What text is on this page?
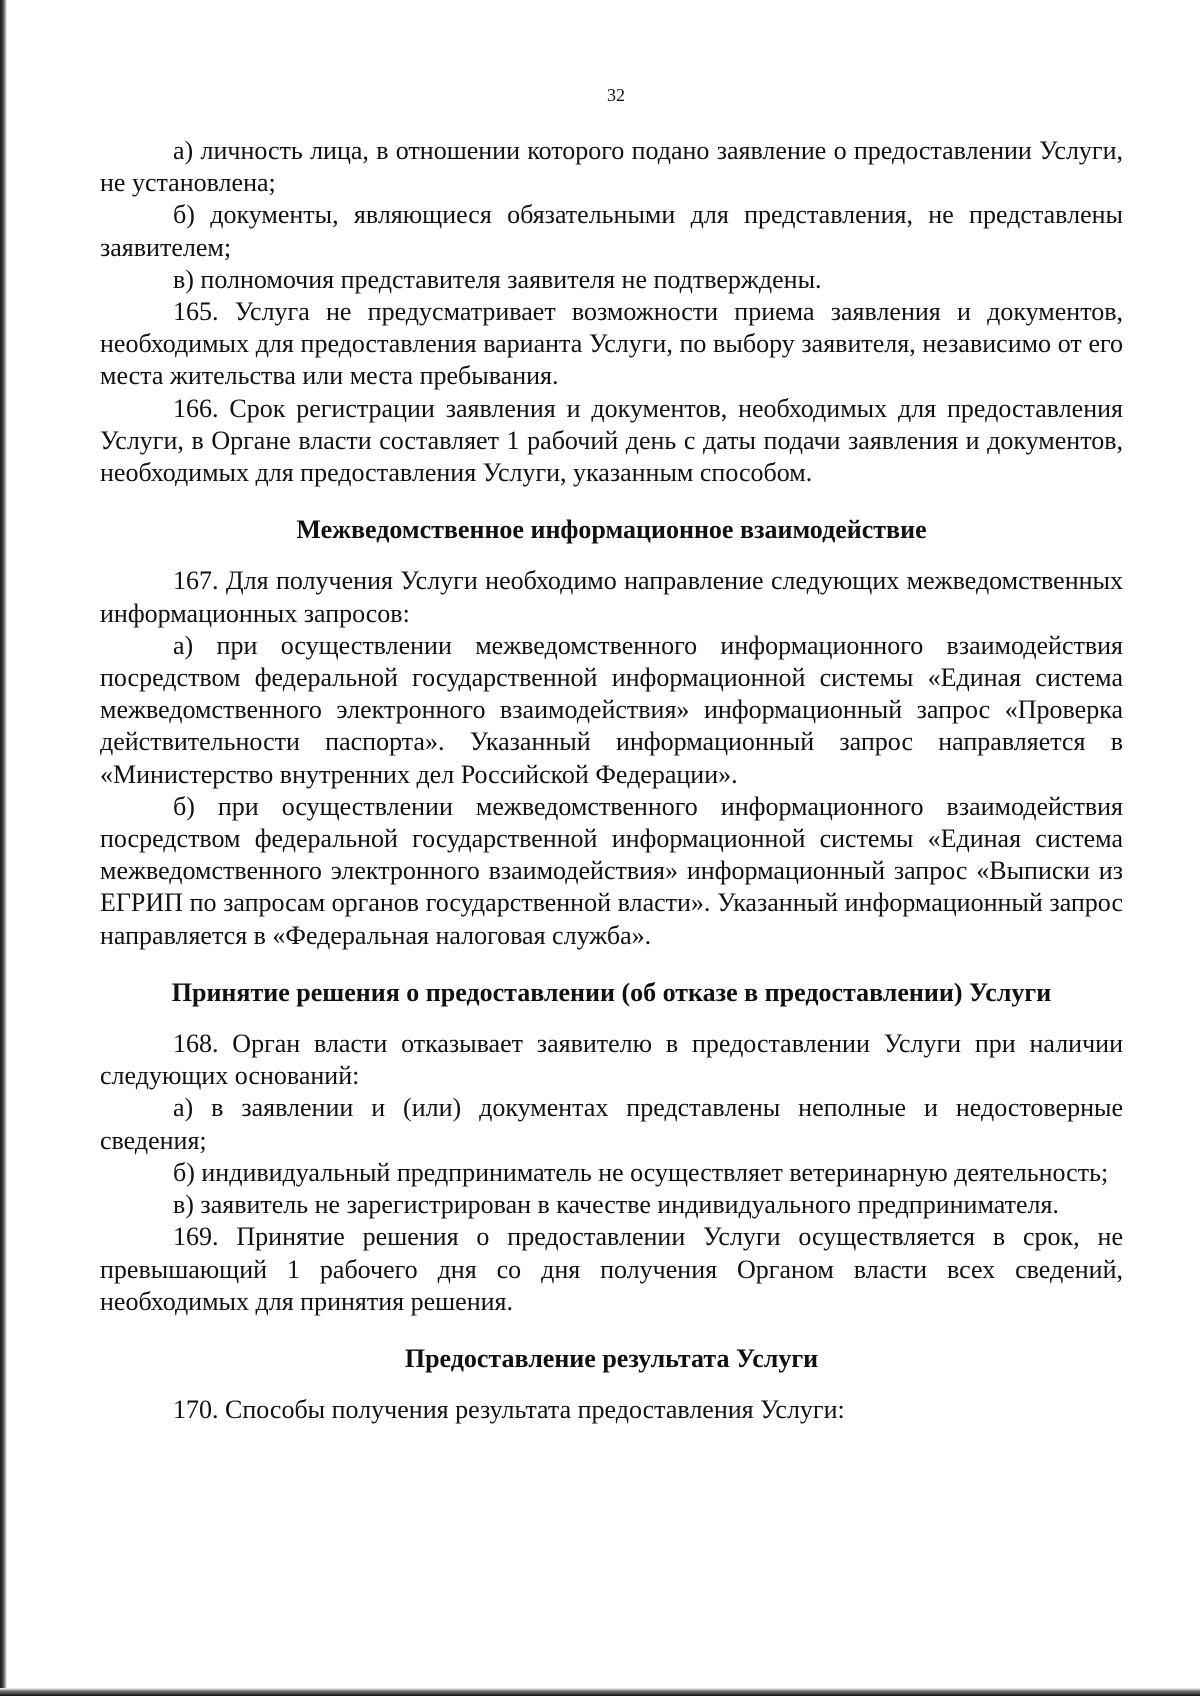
32

а) личность лица, в отношении которого подано заявление о предоставлении Услуги, не установлена;

б) документы, являющиеся обязательными для представления, не представлены заявителем;

в) полномочия представителя заявителя не подтверждены.

165. Услуга не предусматривает возможности приема заявления и документов, необходимых для предоставления варианта Услуги, по выбору заявителя, независимо от его места жительства или места пребывания.

166. Срок регистрации заявления и документов, необходимых для предоставления Услуги, в Органе власти составляет 1 рабочий день с даты подачи заявления и документов, необходимых для предоставления Услуги, указанным способом.

Межведомственное информационное взаимодействие

167. Для получения Услуги необходимо направление следующих межведомственных информационных запросов:

а) при осуществлении межведомственного информационного взаимодействия посредством федеральной государственной информационной системы «Единая система межведомственного электронного взаимодействия» информационный запрос «Проверка действительности паспорта». Указанный информационный запрос направляется в «Министерство внутренних дел Российской Федерации».

б) при осуществлении межведомственного информационного взаимодействия посредством федеральной государственной информационной системы «Единая система межведомственного электронного взаимодействия» информационный запрос «Выписки из ЕГРИП по запросам органов государственной власти». Указанный информационный запрос направляется в «Федеральная налоговая служба».

Принятие решения о предоставлении (об отказе в предоставлении) Услуги

168. Орган власти отказывает заявителю в предоставлении Услуги при наличии следующих оснований:

а) в заявлении и (или) документах представлены неполные и недостоверные сведения;

б) индивидуальный предприниматель не осуществляет ветеринарную деятельность;

в) заявитель не зарегистрирован в качестве индивидуального предпринимателя.

169. Принятие решения о предоставлении Услуги осуществляется в срок, не превышающий 1 рабочего дня со дня получения Органом власти всех сведений, необходимых для принятия решения.

Предоставление результата Услуги

170. Способы получения результата предоставления Услуги:
